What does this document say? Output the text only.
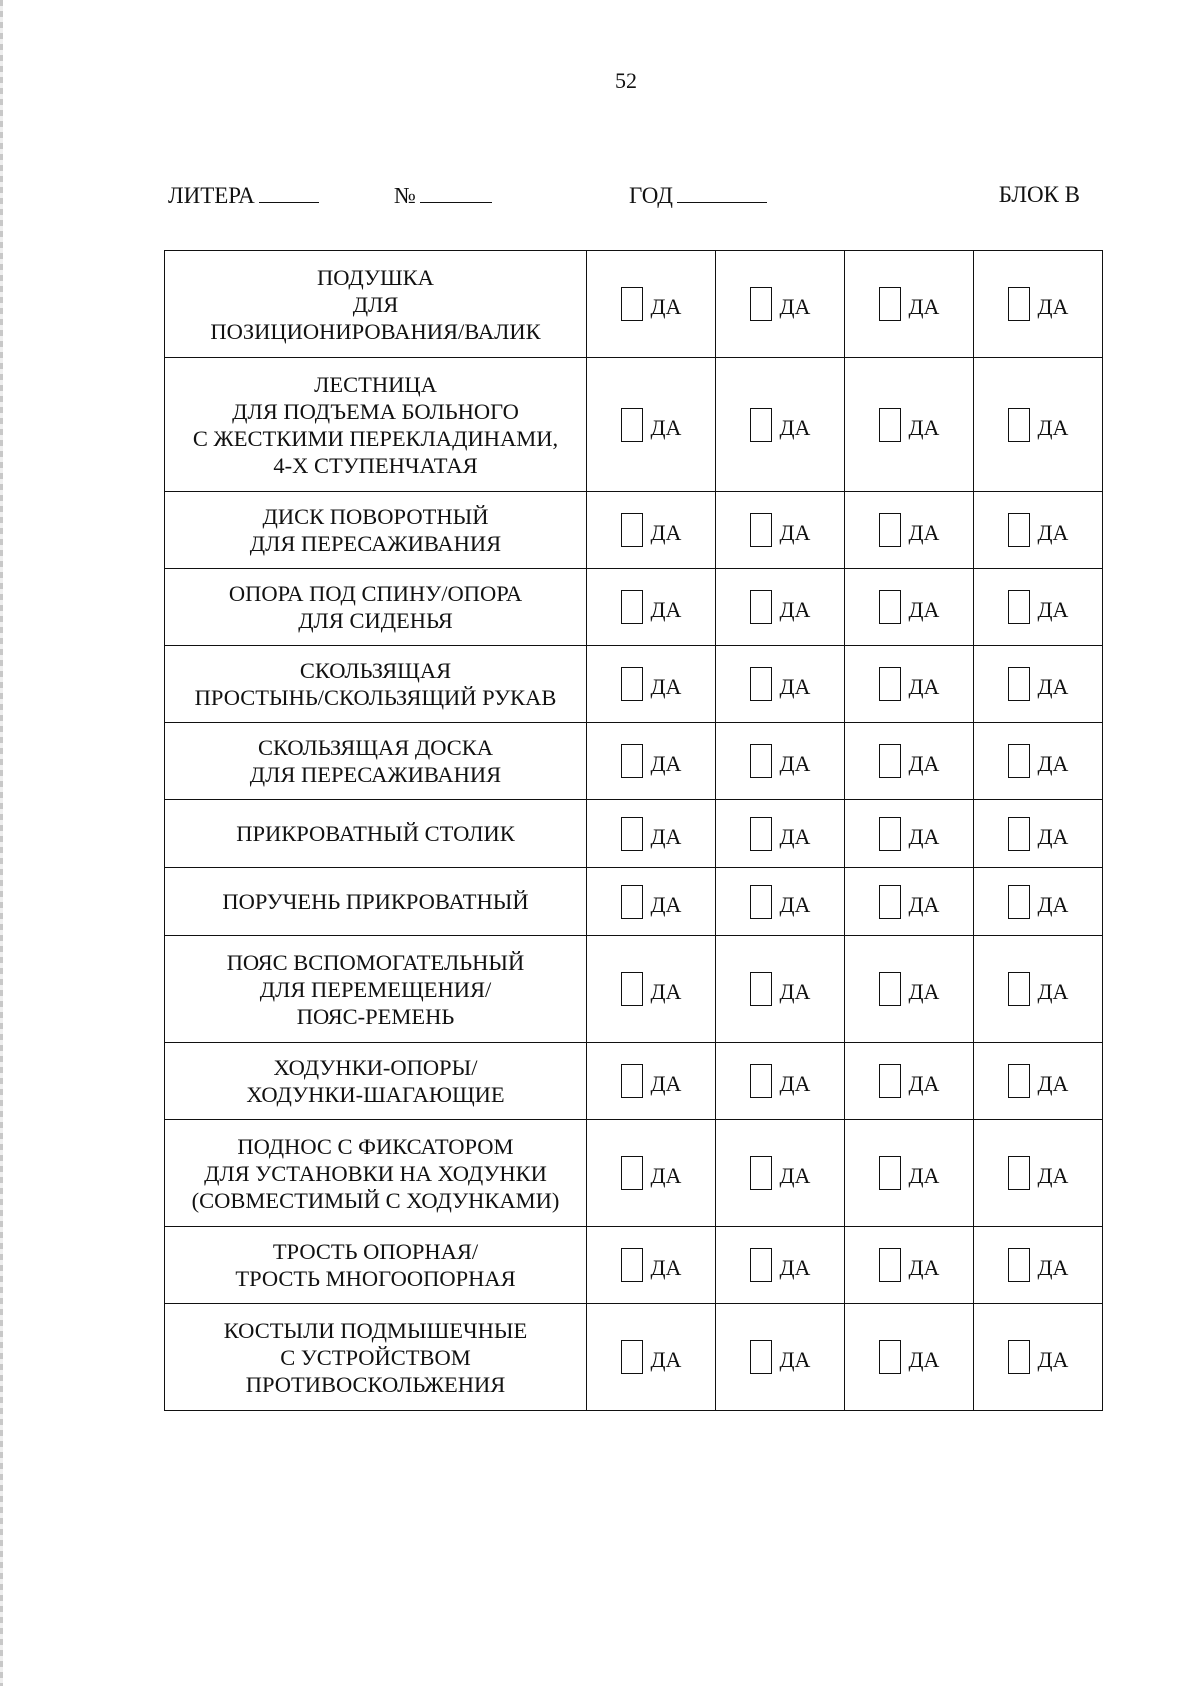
52
ЛИТЕРА	№	ГОД	БЛОК В
ПОДУШКА
ДЛЯ
ПОЗИЦИОНИРОВАНИЯ/ВАЛИК	ДА	ДА	ДА	ДА

ЛЕСТНИЦА
ДЛЯ ПОДЪЕМА БОЛЬНОГО
С ЖЕСТКИМИ ПЕРЕКЛАДИНАМИ,
4-Х СТУПЕНЧАТАЯ	ДА	ДА	ДА	ДА

ДИСК ПОВОРОТНЫЙ
ДЛЯ ПЕРЕСАЖИВАНИЯ	ДА	ДА	ДА	ДА

ОПОРА ПОД СПИНУ/ОПОРА
ДЛЯ СИДЕНЬЯ	ДА	ДА	ДА	ДА

СКОЛЬЗЯЩАЯ
ПРОСТЫНЬ/СКОЛЬЗЯЩИЙ РУКАВ	ДА	ДА	ДА	ДА

СКОЛЬЗЯЩАЯ ДОСКА
ДЛЯ ПЕРЕСАЖИВАНИЯ	ДА	ДА	ДА	ДА

ПРИКРОВАТНЫЙ СТОЛИК	ДА	ДА	ДА	ДА

ПОРУЧЕНЬ ПРИКРОВАТНЫЙ	ДА	ДА	ДА	ДА

ПОЯС ВСПОМОГАТЕЛЬНЫЙ
ДЛЯ ПЕРЕМЕЩЕНИЯ/
ПОЯС-РЕМЕНЬ	ДА	ДА	ДА	ДА

ХОДУНКИ-ОПОРЫ/
ХОДУНКИ-ШАГАЮЩИЕ	ДА	ДА	ДА	ДА

ПОДНОС С ФИКСАТОРОМ
ДЛЯ УСТАНОВКИ НА ХОДУНКИ
(СОВМЕСТИМЫЙ С ХОДУНКАМИ)	ДА	ДА	ДА	ДА

ТРОСТЬ ОПОРНАЯ/
ТРОСТЬ МНОГООПОРНАЯ	ДА	ДА	ДА	ДА

КОСТЫЛИ ПОДМЫШЕЧНЫЕ
С УСТРОЙСТВОМ
ПРОТИВОСКОЛЬЖЕНИЯ	ДА	ДА	ДА	ДА
